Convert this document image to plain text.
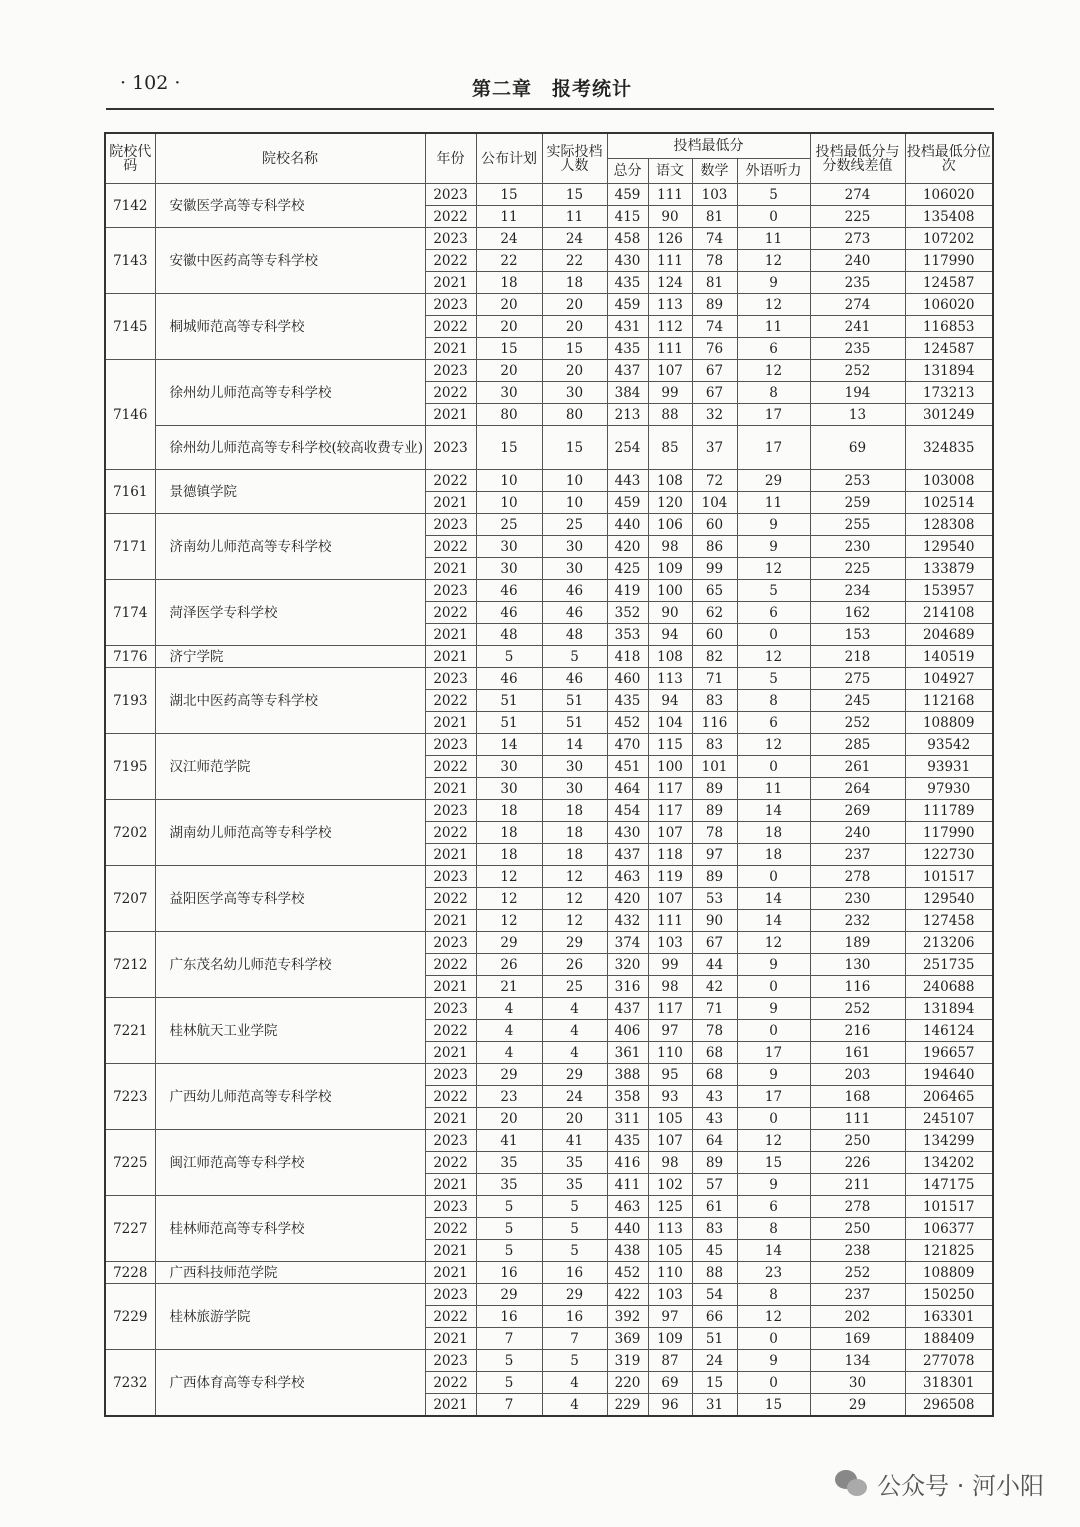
· 102 ·	第二章　报考统计
院校代码	院校名称	年份	公布计划	实际投档人数	投档最低分				投档最低分与分数线差值	投档最低分位次
					总分	语文	数学	外语听力		
7142	安徽医学高等专科学校	2023	15	15	459	111	103	5	274	106020
		2022	11	11	415	90	81	0	225	135408
7143	安徽中医药高等专科学校	2023	24	24	458	126	74	11	273	107202
		2022	22	22	430	111	78	12	240	117990
		2021	18	18	435	124	81	9	235	124587
7145	桐城师范高等专科学校	2023	20	20	459	113	89	12	274	106020
		2022	20	20	431	112	74	11	241	116853
		2021	15	15	435	111	76	6	235	124587
7146	徐州幼儿师范高等专科学校	2023	20	20	437	107	67	12	252	131894
		2022	30	30	384	99	67	8	194	173213
		2021	80	80	213	88	32	17	13	301249
	徐州幼儿师范高等专科学校(较高收费专业)	2023	15	15	254	85	37	17	69	324835
7161	景德镇学院	2022	10	10	443	108	72	29	253	103008
		2021	10	10	459	120	104	11	259	102514
7171	济南幼儿师范高等专科学校	2023	25	25	440	106	60	9	255	128308
		2022	30	30	420	98	86	9	230	129540
		2021	30	30	425	109	99	12	225	133879
7174	菏泽医学专科学校	2023	46	46	419	100	65	5	234	153957
		2022	46	46	352	90	62	6	162	214108
		2021	48	48	353	94	60	0	153	204689
7176	济宁学院	2021	5	5	418	108	82	12	218	140519
7193	湖北中医药高等专科学校	2023	46	46	460	113	71	5	275	104927
		2022	51	51	435	94	83	8	245	112168
		2021	51	51	452	104	116	6	252	108809
7195	汉江师范学院	2023	14	14	470	115	83	12	285	93542
		2022	30	30	451	100	101	0	261	93931
		2021	30	30	464	117	89	11	264	97930
7202	湖南幼儿师范高等专科学校	2023	18	18	454	117	89	14	269	111789
		2022	18	18	430	107	78	18	240	117990
		2021	18	18	437	118	97	18	237	122730
7207	益阳医学高等专科学校	2023	12	12	463	119	89	0	278	101517
		2022	12	12	420	107	53	14	230	129540
		2021	12	12	432	111	90	14	232	127458
7212	广东茂名幼儿师范专科学校	2023	29	29	374	103	67	12	189	213206
		2022	26	26	320	99	44	9	130	251735
		2021	21	25	316	98	42	0	116	240688
7221	桂林航天工业学院	2023	4	4	437	117	71	9	252	131894
		2022	4	4	406	97	78	0	216	146124
		2021	4	4	361	110	68	17	161	196657
7223	广西幼儿师范高等专科学校	2023	29	29	388	95	68	9	203	194640
		2022	23	24	358	93	43	17	168	206465
		2021	20	20	311	105	43	0	111	245107
7225	闽江师范高等专科学校	2023	41	41	435	107	64	12	250	134299
		2022	35	35	416	98	89	15	226	134202
		2021	35	35	411	102	57	9	211	147175
7227	桂林师范高等专科学校	2023	5	5	463	125	61	6	278	101517
		2022	5	5	440	113	83	8	250	106377
		2021	5	5	438	105	45	14	238	121825
7228	广西科技师范学院	2021	16	16	452	110	88	23	252	108809
7229	桂林旅游学院	2023	29	29	422	103	54	8	237	150250
		2022	16	16	392	97	66	12	202	163301
		2021	7	7	369	109	51	0	169	188409
7232	广西体育高等专科学校	2023	5	5	319	87	24	9	134	277078
		2022	5	4	220	69	15	0	30	318301
		2021	7	4	229	96	31	15	29	296508
公众号 · 河小阳
